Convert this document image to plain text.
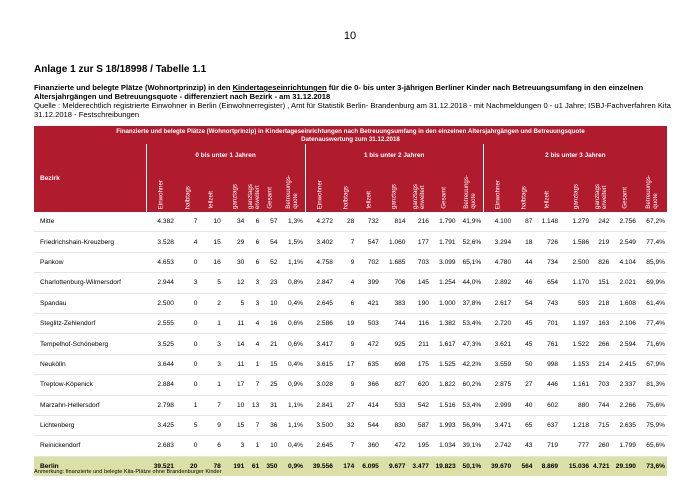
10
Anlage 1 zur S 18/18998 / Tabelle 1.1
Finanzierte und belegte Plätze (Wohnortprinzip) in den Kindertageseinrichtungen für die 0- bis unter 3-jährigen Berliner Kinder nach Betreuungsumfang in den einzelnen
Altersjahrgängen und Betreuungsquote - differenziert nach Bezirk - am 31.12.2018
Quelle : Melderechtlich registrierte Einwohner in Berlin (Einwohnerregister) , Amt für Statistik Berlin- Brandenburg am 31.12.2018 - mit Nachmeldungen 0 - u1 Jahre; ISBJ-Fachverfahren Kita
31.12.2018 - Festschreibungen
Finanzierte und belegte Plätze (Wohnortprinzip) in Kindertageseinrichtungen nach Betreuungsumfang in den einzelnen Altersjahrgängen und Betreuungsquote
Datenauswertung zum 31.12.2018
Bezirk	0 bis unter 1 Jahren							1 bis unter 2 Jahren							2 bis unter 3 Jahren						

	Einwohner	halbtags	teilzeit	ganztags	ganztags
erweitert	Gesamt	Betreuungs-
quote	Einwohner	halbtags	teilzeit	ganztags	ganztags
erweitert	Gesamt	Betreuungs-
quote	Einwohner	halbtags	teilzeit	ganztags	ganztags
erweitert	Gesamt	Betreuungs-
quote

Mitte	4.382	7	10	34	6	57	1,3%	4.272	28	732	814	216	1.790	41,9%	4.100	87	1.148	1.279	242	2.756	67,2%
Friedrichshain-Kreuzberg	3.528	4	15	29	6	54	1,5%	3.402	7	547	1.060	177	1.791	52,6%	3.294	18	726	1.586	219	2.549	77,4%
Pankow	4.653	0	16	30	6	52	1,1%	4.758	9	702	1.685	703	3.099	65,1%	4.780	44	734	2.500	826	4.104	85,9%
Charlottenburg-Wilmersdorf	2.944	3	5	12	3	23	0,8%	2.847	4	399	706	145	1.254	44,0%	2.892	46	654	1.170	151	2.021	69,9%
Spandau	2.500	0	2	5	3	10	0,4%	2.645	6	421	383	190	1.000	37,8%	2.617	54	743	593	218	1.608	61,4%
Steglitz-Zehlendorf	2.555	0	1	11	4	16	0,6%	2.586	19	503	744	116	1.382	53,4%	2.720	45	701	1.197	163	2.106	77,4%
Tempelhof-Schöneberg	3.525	0	3	14	4	21	0,6%	3.417	9	472	925	211	1.617	47,3%	3.621	45	761	1.522	266	2.594	71,6%
Neukölln	3.644	0	3	11	1	15	0,4%	3.615	17	635	698	175	1.525	42,2%	3.559	50	998	1.153	214	2.415	67,9%
Treptow-Köpenick	2.884	0	1	17	7	25	0,9%	3.028	9	366	827	620	1.822	60,2%	2.875	27	446	1.161	703	2.337	81,3%
Marzahn-Hellersdorf	2.798	1	7	10	13	31	1,1%	2.841	27	414	533	542	1.516	53,4%	2.999	40	602	880	744	2.266	75,6%
Lichtenberg	3.425	5	9	15	7	36	1,1%	3.500	32	544	830	587	1.993	56,9%	3.471	65	637	1.218	715	2.635	75,9%
Reinickendorf	2.683	0	6	3	1	10	0,4%	2.645	7	360	472	195	1.034	39,1%	2.742	43	719	777	260	1.799	65,6%
Berlin	39.521	20	78	191	61	350	0,9%	39.556	174	6.095	9.677	3.477	19.823	50,1%	39.670	564	8.869	15.036	4.721	29.190	73,6%
Anmerkung: finanzierte und belegte Kita-Plätze ohne Brandenburger Kinder
